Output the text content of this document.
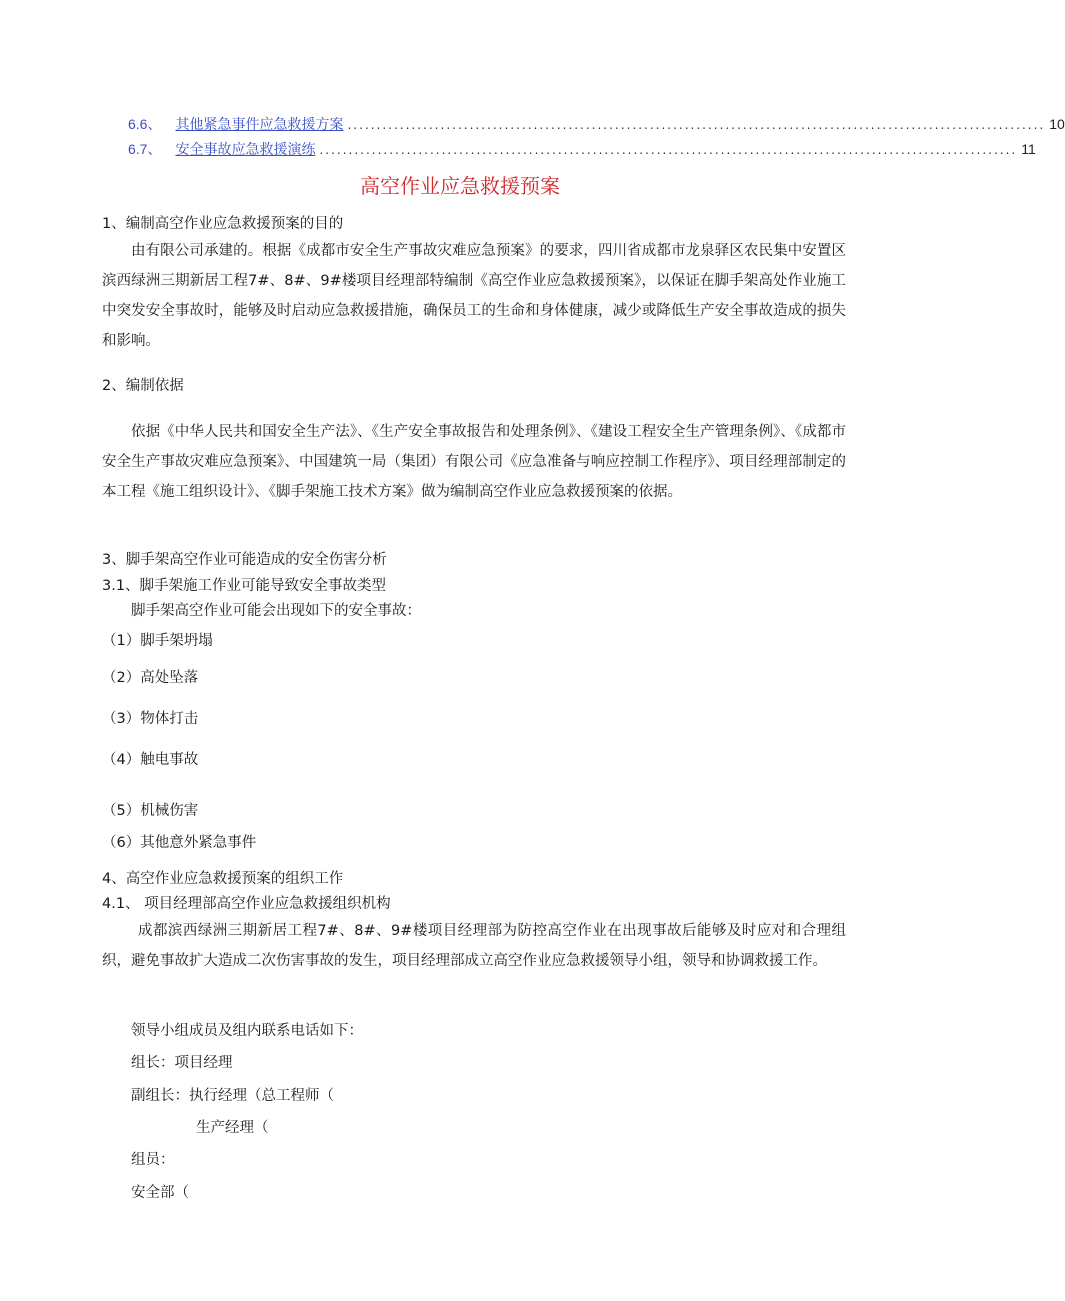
6.6 、 其他紧急事件应急救援方案 ........................................................................................................................ 10
6.7 、 安全事故应急救援演练 ........................................................................................................................ 11
高空作业应急救援预案
1、编制高空作业应急救援预案的目的
由有限公司承建的。根据《成都市安全生产事故灾难应急预案》的要求，四川省成都市龙泉驿区农民集中安置区滨西绿洲三期新居工程7#、8#、9#楼项目经理部特编制《高空作业应急救援预案》，以保证在脚手架高处作业施工中突发安全事故时，能够及时启动应急救援措施，确保员工的生命和身体健康，减少或降低生产安全事故造成的损失和影响。
2、编制依据
依据《中华人民共和国安全生产法》、《生产安全事故报告和处理条例》、《建设工程安全生产管理条例》、《成都市安全生产事故灾难应急预案》、中国建筑一局（集团）有限公司《应急准备与响应控制工作程序》、项目经理部制定的本工程《施工组织设计》、《脚手架施工技术方案》做为编制高空作业应急救援预案的依据。
3、脚手架高空作业可能造成的安全伤害分析
3.1、脚手架施工作业可能导致安全事故类型
脚手架高空作业可能会出现如下的安全事故：
（1）脚手架坍塌
（2）高处坠落
（3）物体打击
（4）触电事故
（5）机械伤害
（6）其他意外紧急事件
4、高空作业应急救援预案的组织工作
4.1、 项目经理部高空作业应急救援组织机构
成都滨西绿洲三期新居工程7#、8#、9#楼项目经理部为防控高空作业在出现事故后能够及时应对和合理组织，避免事故扩大造成二次伤害事故的发生，项目经理部成立高空作业应急救援领导小组，领导和协调救援工作。
领导小组成员及组内联系电话如下：
组长：项目经理
副组长：执行经理（总工程师（
生产经理（
组员：
安全部（
